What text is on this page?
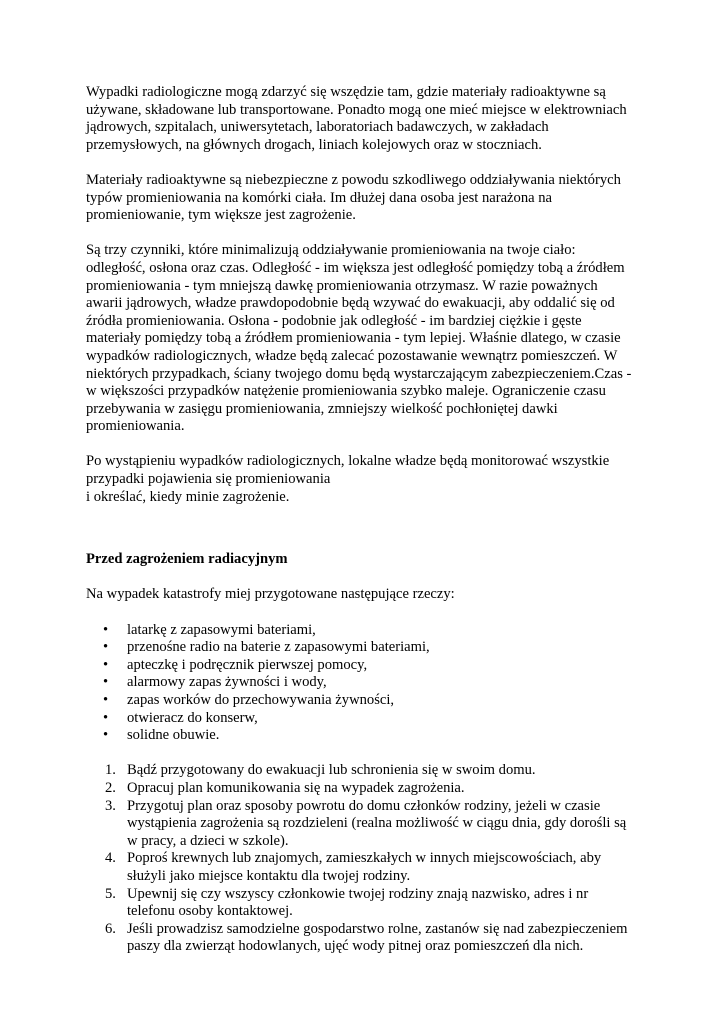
Wypadki radiologiczne mogą zdarzyć się wszędzie tam, gdzie materiały radioaktywne są
używane, składowane lub transportowane. Ponadto mogą one mieć miejsce w elektrowniach
jądrowych, szpitalach, uniwersytetach, laboratoriach badawczych, w zakładach
przemysłowych, na głównych drogach, liniach kolejowych oraz w stoczniach.
Materiały radioaktywne są niebezpieczne z powodu szkodliwego oddziaływania niektórych
typów promieniowania na komórki ciała. Im dłużej dana osoba jest narażona na
promieniowanie, tym większe jest zagrożenie.
Są trzy czynniki, które minimalizują oddziaływanie promieniowania na twoje ciało:
odległość, osłona oraz czas. Odległość - im większa jest odległość pomiędzy tobą a źródłem
promieniowania - tym mniejszą dawkę promieniowania otrzymasz. W razie poważnych
awarii jądrowych, władze prawdopodobnie będą wzywać do ewakuacji, aby oddalić się od
źródła promieniowania. Osłona - podobnie jak odległość - im bardziej ciężkie i gęste
materiały pomiędzy tobą a źródłem promieniowania - tym lepiej. Właśnie dlatego, w czasie
wypadków radiologicznych, władze będą zalecać pozostawanie wewnątrz pomieszczeń. W
niektórych przypadkach, ściany twojego domu będą wystarczającym zabezpieczeniem.Czas -
w większości przypadków natężenie promieniowania szybko maleje. Ograniczenie czasu
przebywania w zasięgu promieniowania, zmniejszy wielkość pochłoniętej dawki
promieniowania.
Po wystąpieniu wypadków radiologicznych, lokalne władze będą monitorować wszystkie
przypadki pojawienia się promieniowania
i określać, kiedy minie zagrożenie.
Przed zagrożeniem radiacyjnym
Na wypadek katastrofy miej przygotowane następujące rzeczy:
• latarkę z zapasowymi bateriami,
• przenośne radio na baterie z zapasowymi bateriami,
• apteczkę i podręcznik pierwszej pomocy,
• alarmowy zapas żywności i wody,
• zapas worków do przechowywania żywności,
• otwieracz do konserw,
• solidne obuwie.
1. Bądź przygotowany do ewakuacji lub schronienia się w swoim domu.
2. Opracuj plan komunikowania się na wypadek zagrożenia.
3. Przygotuj plan oraz sposoby powrotu do domu członków rodziny, jeżeli w czasie
wystąpienia zagrożenia są rozdzieleni (realna możliwość w ciągu dnia, gdy dorośli są
w pracy, a dzieci w szkole).
4. Poproś krewnych lub znajomych, zamieszkałych w innych miejscowościach, aby
służyli jako miejsce kontaktu dla twojej rodziny.
5. Upewnij się czy wszyscy członkowie twojej rodziny znają nazwisko, adres i nr
telefonu osoby kontaktowej.
6. Jeśli prowadzisz samodzielne gospodarstwo rolne, zastanów się nad zabezpieczeniem
paszy dla zwierząt hodowlanych, ujęć wody pitnej oraz pomieszczeń dla nich.
